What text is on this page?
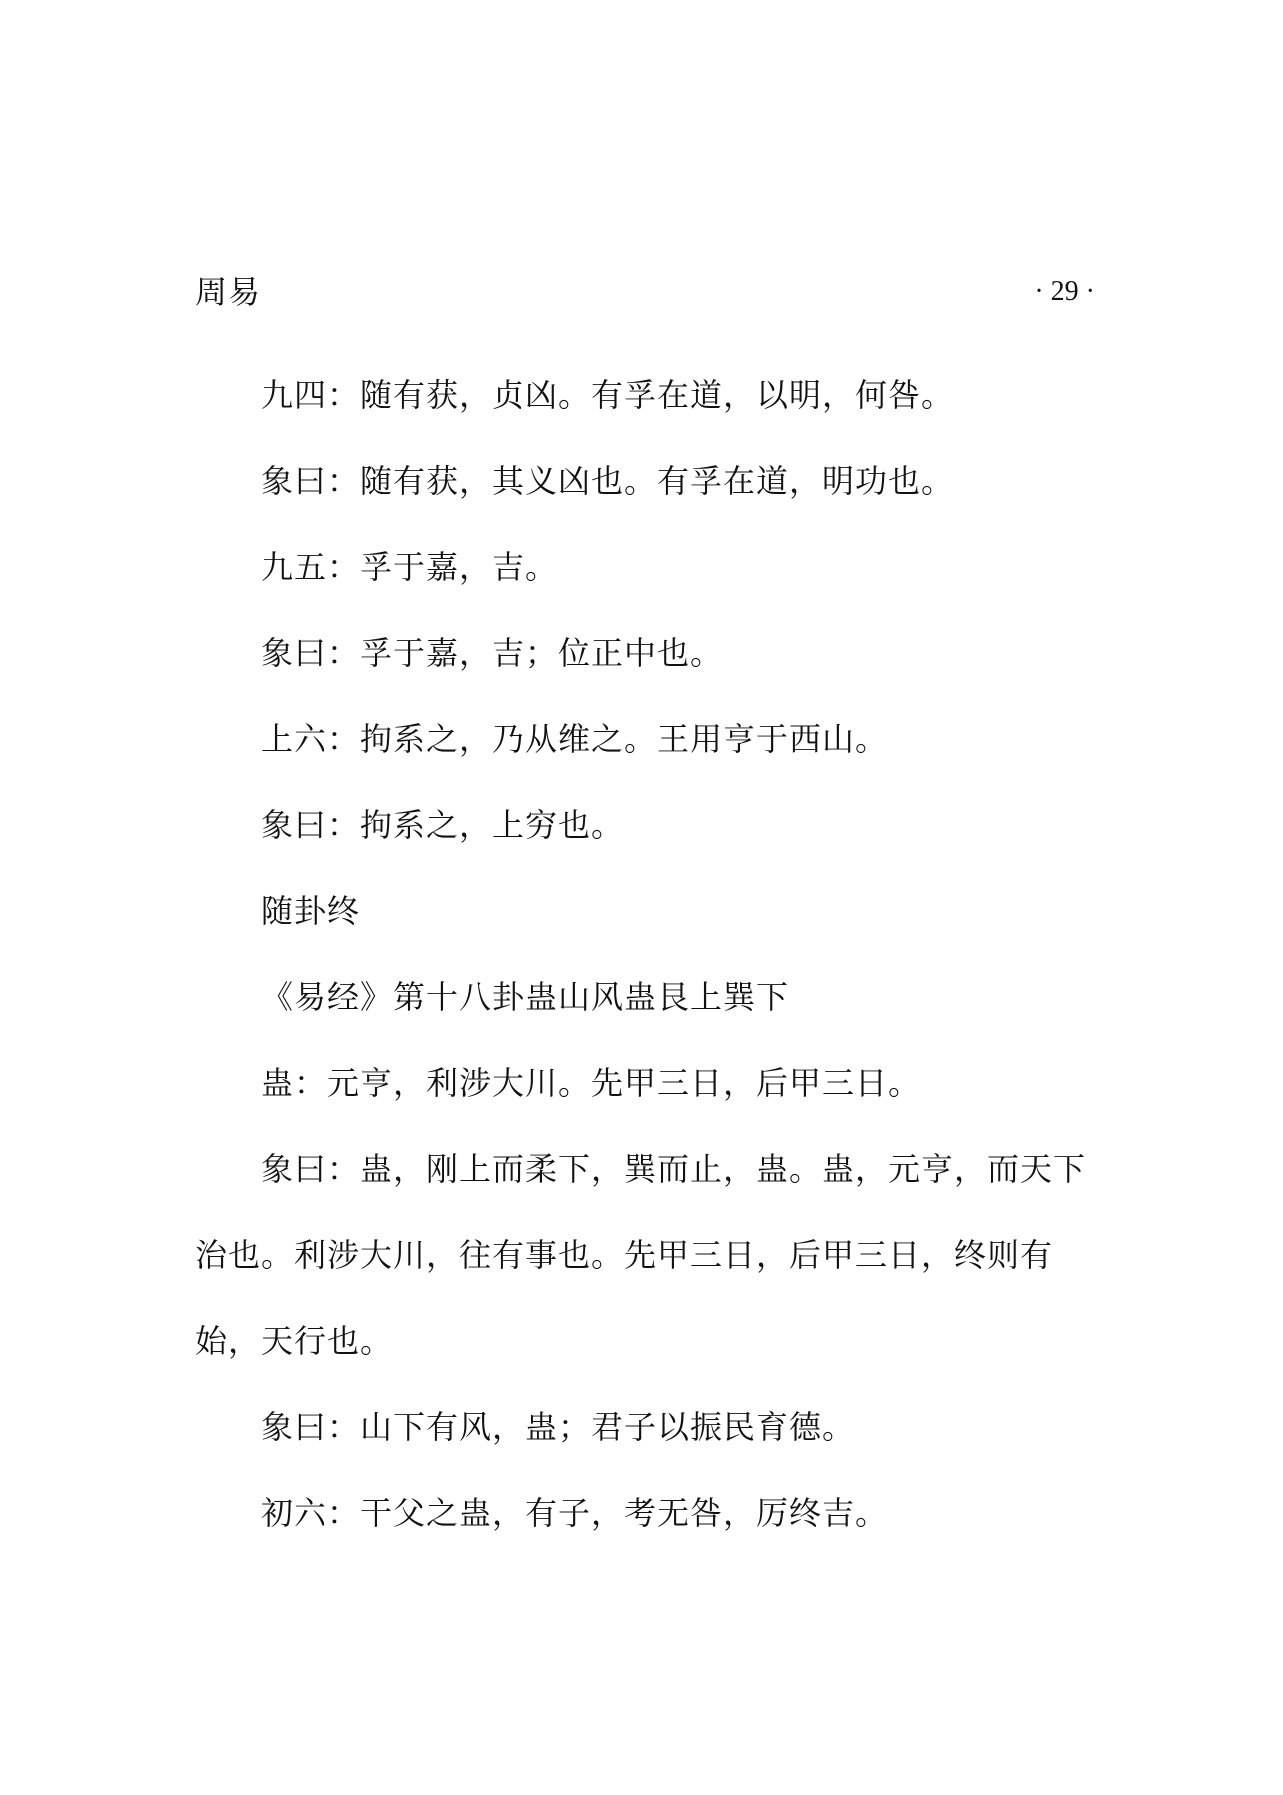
周易	· 29 ·

九四：随有获，贞凶。有孚在道，以明，何咎。

象曰：随有获，其义凶也。有孚在道，明功也。

九五：孚于嘉，吉。

象曰：孚于嘉，吉；位正中也。

上六：拘系之，乃从维之。王用亨于西山。

象曰：拘系之，上穷也。

随卦终

《易经》第十八卦蛊山风蛊艮上巽下

蛊：元亨，利涉大川。先甲三日，后甲三日。

象曰：蛊，刚上而柔下，巽而止，蛊。蛊，元亨，而天下治也。利涉大川，往有事也。先甲三日，后甲三日，终则有始，天行也。

象曰：山下有风，蛊；君子以振民育德。

初六：干父之蛊，有子，考无咎，厉终吉。
